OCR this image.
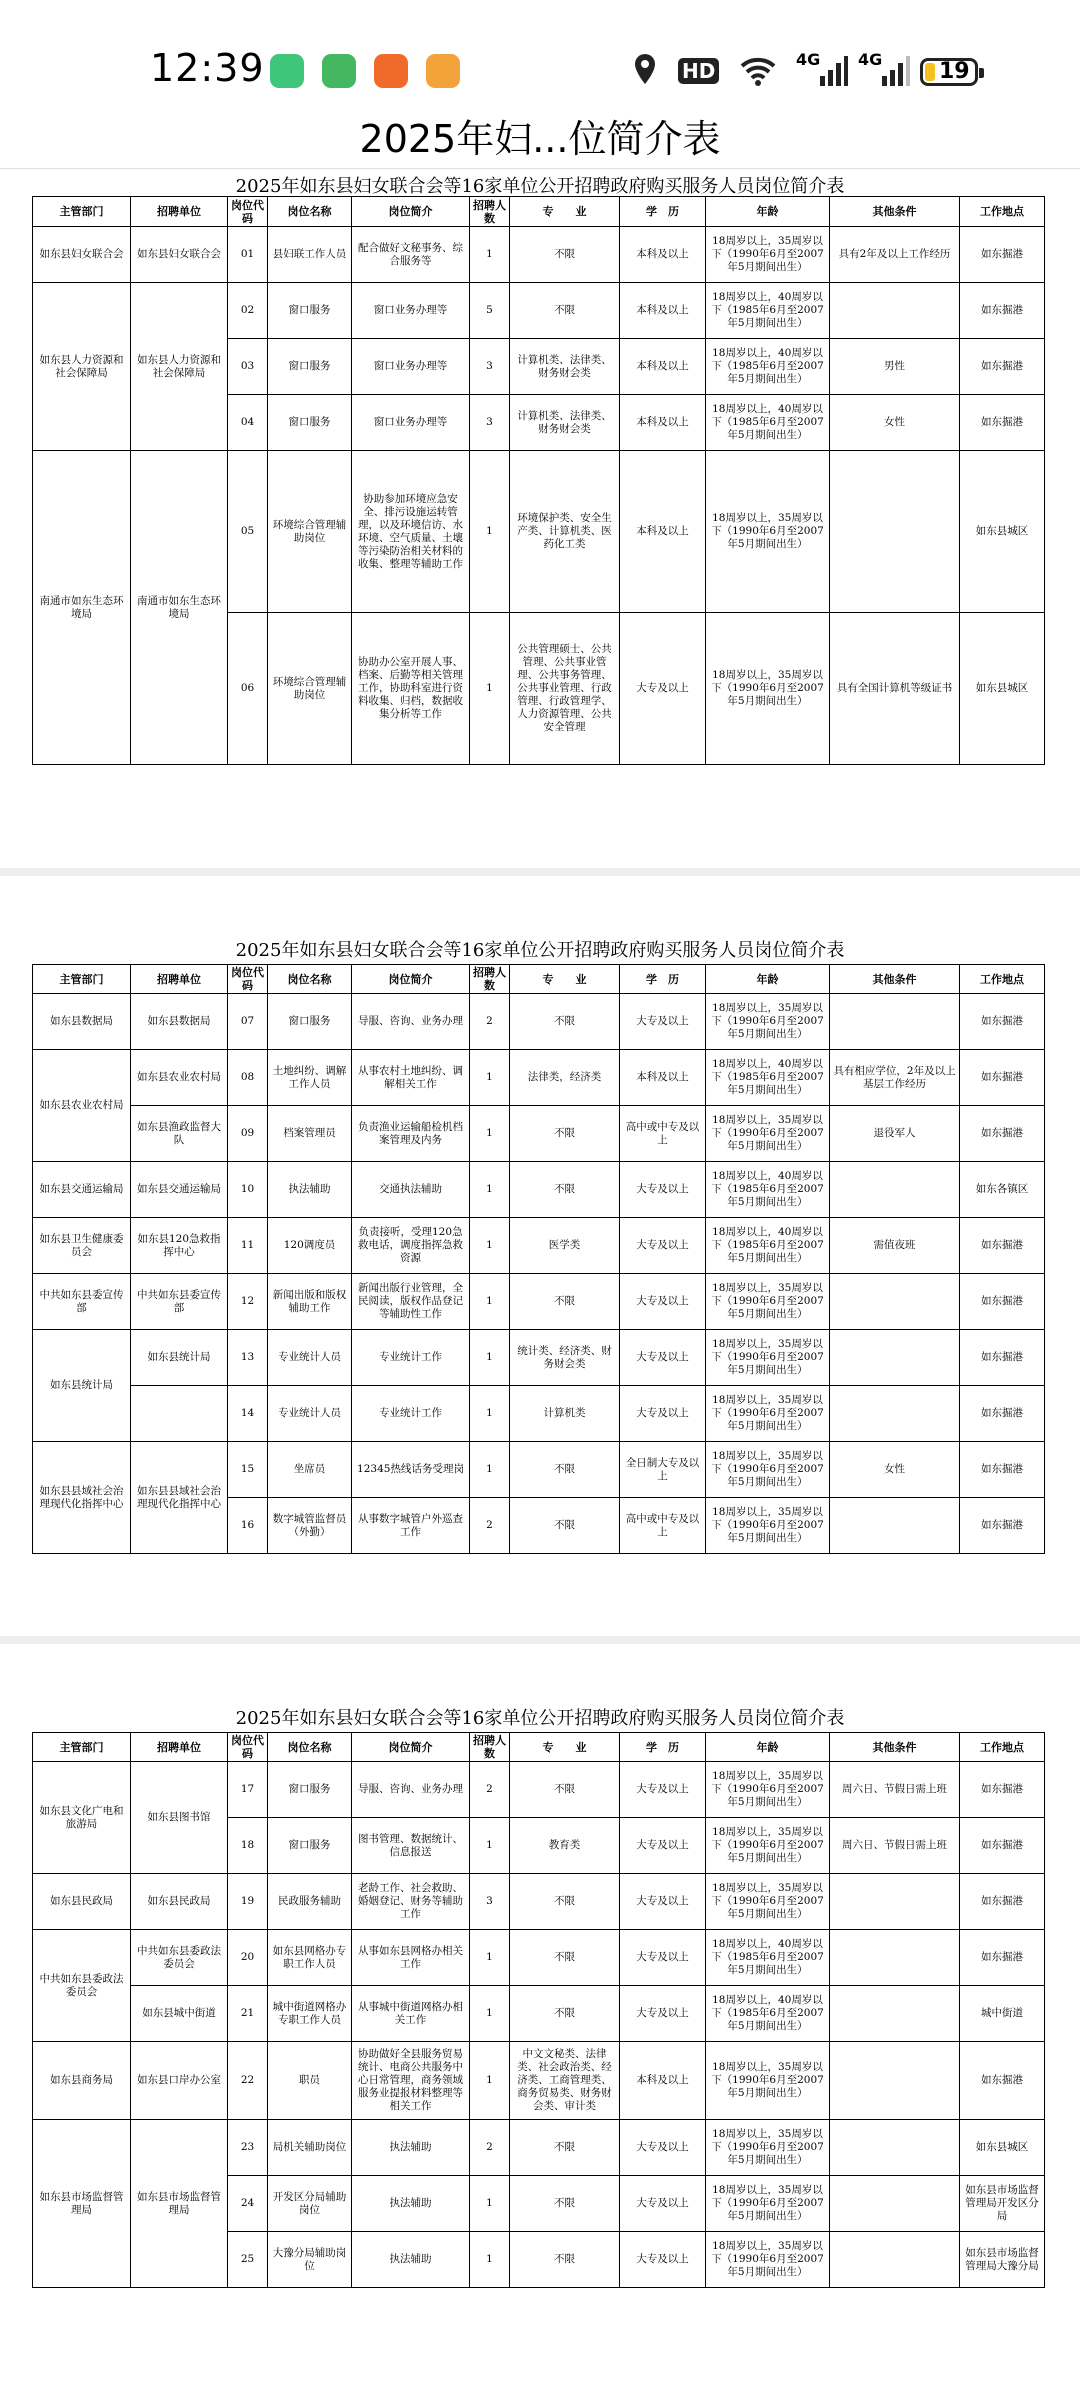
12:39	HD	4G 4G	19
2025年妇...位简介表
2025年如东县妇女联合会等16家单位公开招聘政府购买服务人员岗位简介表
主管部门	招聘单位	岗位代码	岗位名称	岗位简介	招聘人数	专　　业	学　历	年龄	其他条件	工作地点
如东县妇女联合会	如东县妇女联合会	01	县妇联工作人员	配合做好文秘事务、综合服务等	1	不限	本科及以上	18周岁以上，35周岁以下（1990年6月至2007年5月期间出生）	具有2年及以上工作经历	如东掘港
如东县人力资源和社会保障局	如东县人力资源和社会保障局	02	窗口服务	窗口业务办理等	5	不限	本科及以上	18周岁以上，40周岁以下（1985年6月至2007年5月期间出生）		如东掘港
		03	窗口服务	窗口业务办理等	3	计算机类、法律类、财务财会类	本科及以上	18周岁以上，40周岁以下（1985年6月至2007年5月期间出生）	男性	如东掘港
		04	窗口服务	窗口业务办理等	3	计算机类、法律类、财务财会类	本科及以上	18周岁以上，40周岁以下（1985年6月至2007年5月期间出生）	女性	如东掘港
南通市如东生态环境局	南通市如东生态环境局	05	环境综合管理辅助岗位	协助参加环境应急安全、排污设施运转管理，以及环境信访、水环境、空气质量、土壤等污染防治相关材料的收集、整理等辅助工作	1	环境保护类、安全生产类、计算机类、医药化工类	本科及以上	18周岁以上，35周岁以下（1990年6月至2007年5月期间出生）		如东县城区
		06	环境综合管理辅助岗位	协助办公室开展人事、档案、后勤等相关管理工作，协助科室进行资料收集、归档，数据收集分析等工作	1	公共管理硕士、公共管理、公共事业管理、公共事务管理、公共事业管理、行政管理、行政管理学、人力资源管理、公共安全管理	大专及以上	18周岁以上，35周岁以下（1990年6月至2007年5月期间出生）	具有全国计算机等级证书	如东县城区
2025年如东县妇女联合会等16家单位公开招聘政府购买服务人员岗位简介表
主管部门	招聘单位	岗位代码	岗位名称	岗位简介	招聘人数	专　　业	学　历	年龄	其他条件	工作地点
如东县数据局	如东县数据局	07	窗口服务	导服、咨询、业务办理	2	不限	大专及以上	18周岁以上，35周岁以下（1990年6月至2007年5月期间出生）		如东掘港
如东县农业农村局	如东县农业农村局	08	土地纠纷、调解工作人员	从事农村土地纠纷、调解相关工作	1	法律类，经济类	本科及以上	18周岁以上，40周岁以下（1985年6月至2007年5月期间出生）	具有相应学位，2年及以上基层工作经历	如东掘港
	如东县渔政监督大队	09	档案管理员	负责渔业运输船检机档案管理及内务	1	不限	高中或中专及以上	18周岁以上，35周岁以下（1990年6月至2007年5月期间出生）	退役军人	如东掘港
如东县交通运输局	如东县交通运输局	10	执法辅助	交通执法辅助	1	不限	大专及以上	18周岁以上，40周岁以下（1985年6月至2007年5月期间出生）		如东各镇区
如东县卫生健康委员会	如东县120急救指挥中心	11	120调度员	负责接听，受理120急救电话，调度指挥急救资源	1	医学类	大专及以上	18周岁以上，40周岁以下（1985年6月至2007年5月期间出生）	需值夜班	如东掘港
中共如东县委宣传部	中共如东县委宣传部	12	新闻出版和版权辅助工作	新闻出版行业管理，全民阅读，版权作品登记等辅助性工作	1	不限	大专及以上	18周岁以上，35周岁以下（1990年6月至2007年5月期间出生）		如东掘港
如东县统计局	如东县统计局	13	专业统计人员	专业统计工作	1	统计类、经济类、财务财会类	大专及以上	18周岁以上，35周岁以下（1990年6月至2007年5月期间出生）		如东掘港
		14	专业统计人员	专业统计工作	1	计算机类	大专及以上	18周岁以上，35周岁以下（1990年6月至2007年5月期间出生）		如东掘港
如东县县域社会治理现代化指挥中心	如东县县域社会治理现代化指挥中心	15	坐席员	12345热线话务受理岗	1	不限	全日制大专及以上	18周岁以上，35周岁以下（1990年6月至2007年5月期间出生）	女性	如东掘港
		16	数字城管监督员（外勤）	从事数字城管户外巡查工作	2	不限	高中或中专及以上	18周岁以上，35周岁以下（1990年6月至2007年5月期间出生）		如东掘港
2025年如东县妇女联合会等16家单位公开招聘政府购买服务人员岗位简介表
主管部门	招聘单位	岗位代码	岗位名称	岗位简介	招聘人数	专　　业	学　历	年龄	其他条件	工作地点
如东县文化广电和旅游局	如东县图书馆	17	窗口服务	导服、咨询、业务办理	2	不限	大专及以上	18周岁以上，35周岁以下（1990年6月至2007年5月期间出生）	周六日、节假日需上班	如东掘港
		18	窗口服务	图书管理、数据统计、信息报送	1	教育类	大专及以上	18周岁以上，35周岁以下（1990年6月至2007年5月期间出生）	周六日、节假日需上班	如东掘港
如东县民政局	如东县民政局	19	民政服务辅助	老龄工作、社会救助、婚姻登记、财务等辅助工作	3	不限	大专及以上	18周岁以上，35周岁以下（1990年6月至2007年5月期间出生）		如东掘港
中共如东县委政法委员会	中共如东县委政法委员会	20	如东县网格办专职工作人员	从事如东县网格办相关工作	1	不限	大专及以上	18周岁以上，40周岁以下（1985年6月至2007年5月期间出生）		如东掘港
	如东县城中街道	21	城中街道网格办专职工作人员	从事城中街道网格办相关工作	1	不限	大专及以上	18周岁以上，40周岁以下（1985年6月至2007年5月期间出生）		城中街道
如东县商务局	如东县口岸办公室	22	职员	协助做好全县服务贸易统计、电商公共服务中心日常管理，商务领域服务业提报材料整理等相关工作	1	中文文秘类、法律类、社会政治类、经济类、工商管理类、商务贸易类、财务财会类、审计类	本科及以上	18周岁以上，35周岁以下（1990年6月至2007年5月期间出生）		如东掘港
如东县市场监督管理局	如东县市场监督管理局	23	局机关辅助岗位	执法辅助	2	不限	大专及以上	18周岁以上，35周岁以下（1990年6月至2007年5月期间出生）		如东县城区
		24	开发区分局辅助岗位	执法辅助	1	不限	大专及以上	18周岁以上，35周岁以下（1990年6月至2007年5月期间出生）		如东县市场监督管理局开发区分局
		25	大豫分局辅助岗位	执法辅助	1	不限	大专及以上	18周岁以上，35周岁以下（1990年6月至2007年5月期间出生）		如东县市场监督管理局大豫分局
